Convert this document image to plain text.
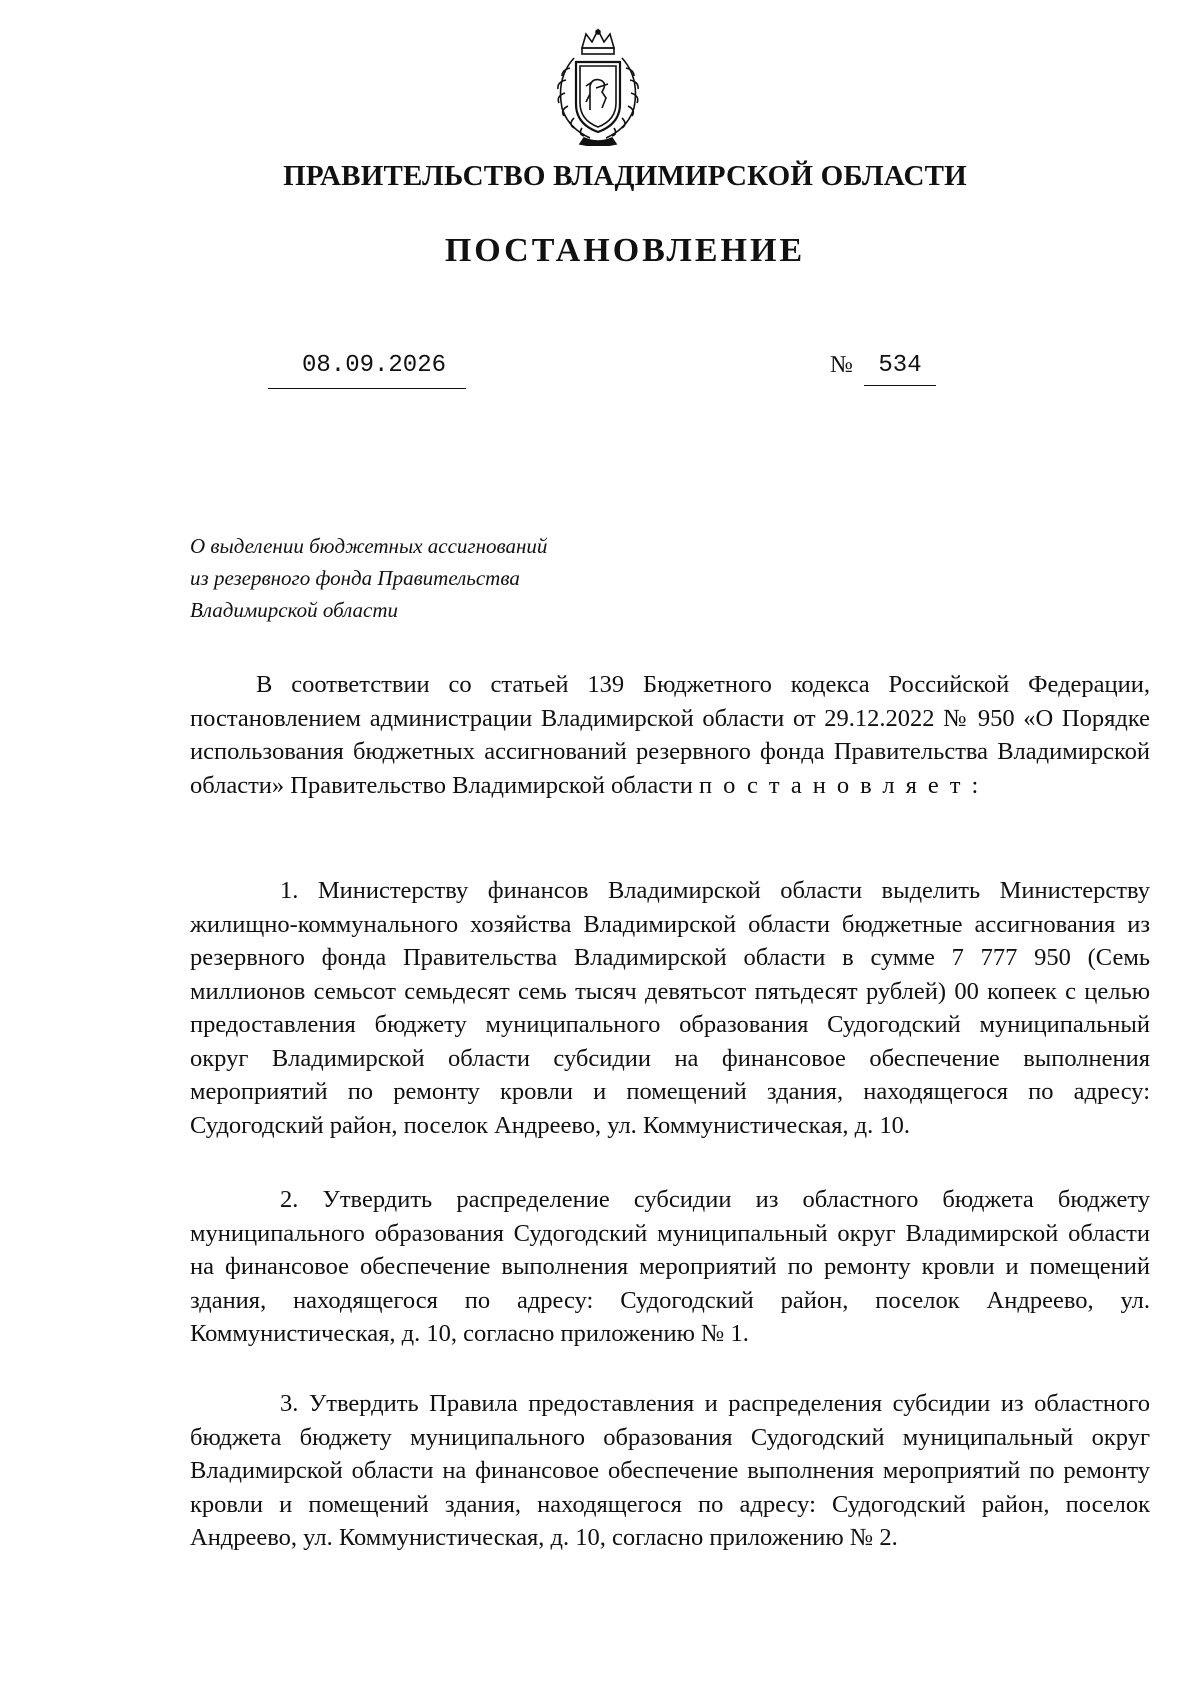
ПРАВИТЕЛЬСТВО ВЛАДИМИРСКОЙ ОБЛАСТИ
ПОСТАНОВЛЕНИЕ
08.09.2026	№	534
О выделении бюджетных ассигнований
из резервного фонда Правительства
Владимирской области
В соответствии со статьей 139 Бюджетного кодекса Российской Федерации, постановлением администрации Владимирской области от 29.12.2022 № 950 «О Порядке использования бюджетных ассигнований резервного фонда Правительства Владимирской области» Правительство Владимирской области постановляет:
1. Министерству финансов Владимирской области выделить Министерству жилищно-коммунального хозяйства Владимирской области бюджетные ассигнования из резервного фонда Правительства Владимирской области в сумме 7 777 950 (Семь миллионов семьсот семьдесят семь тысяч девятьсот пятьдесят рублей) 00 копеек с целью предоставления бюджету муниципального образования Судогодский муниципальный округ Владимирской области субсидии на финансовое обеспечение выполнения мероприятий по ремонту кровли и помещений здания, находящегося по адресу: Судогодский район, поселок Андреево, ул. Коммунистическая, д. 10.
2. Утвердить распределение субсидии из областного бюджета бюджету муниципального образования Судогодский муниципальный округ Владимирской области на финансовое обеспечение выполнения мероприятий по ремонту кровли и помещений здания, находящегося по адресу: Судогодский район, поселок Андреево, ул. Коммунистическая, д. 10, согласно приложению № 1.
3. Утвердить Правила предоставления и распределения субсидии из областного бюджета бюджету муниципального образования Судогодский муниципальный округ Владимирской области на финансовое обеспечение выполнения мероприятий по ремонту кровли и помещений здания, находящегося по адресу: Судогодский район, поселок Андреево, ул. Коммунистическая, д. 10, согласно приложению № 2.
